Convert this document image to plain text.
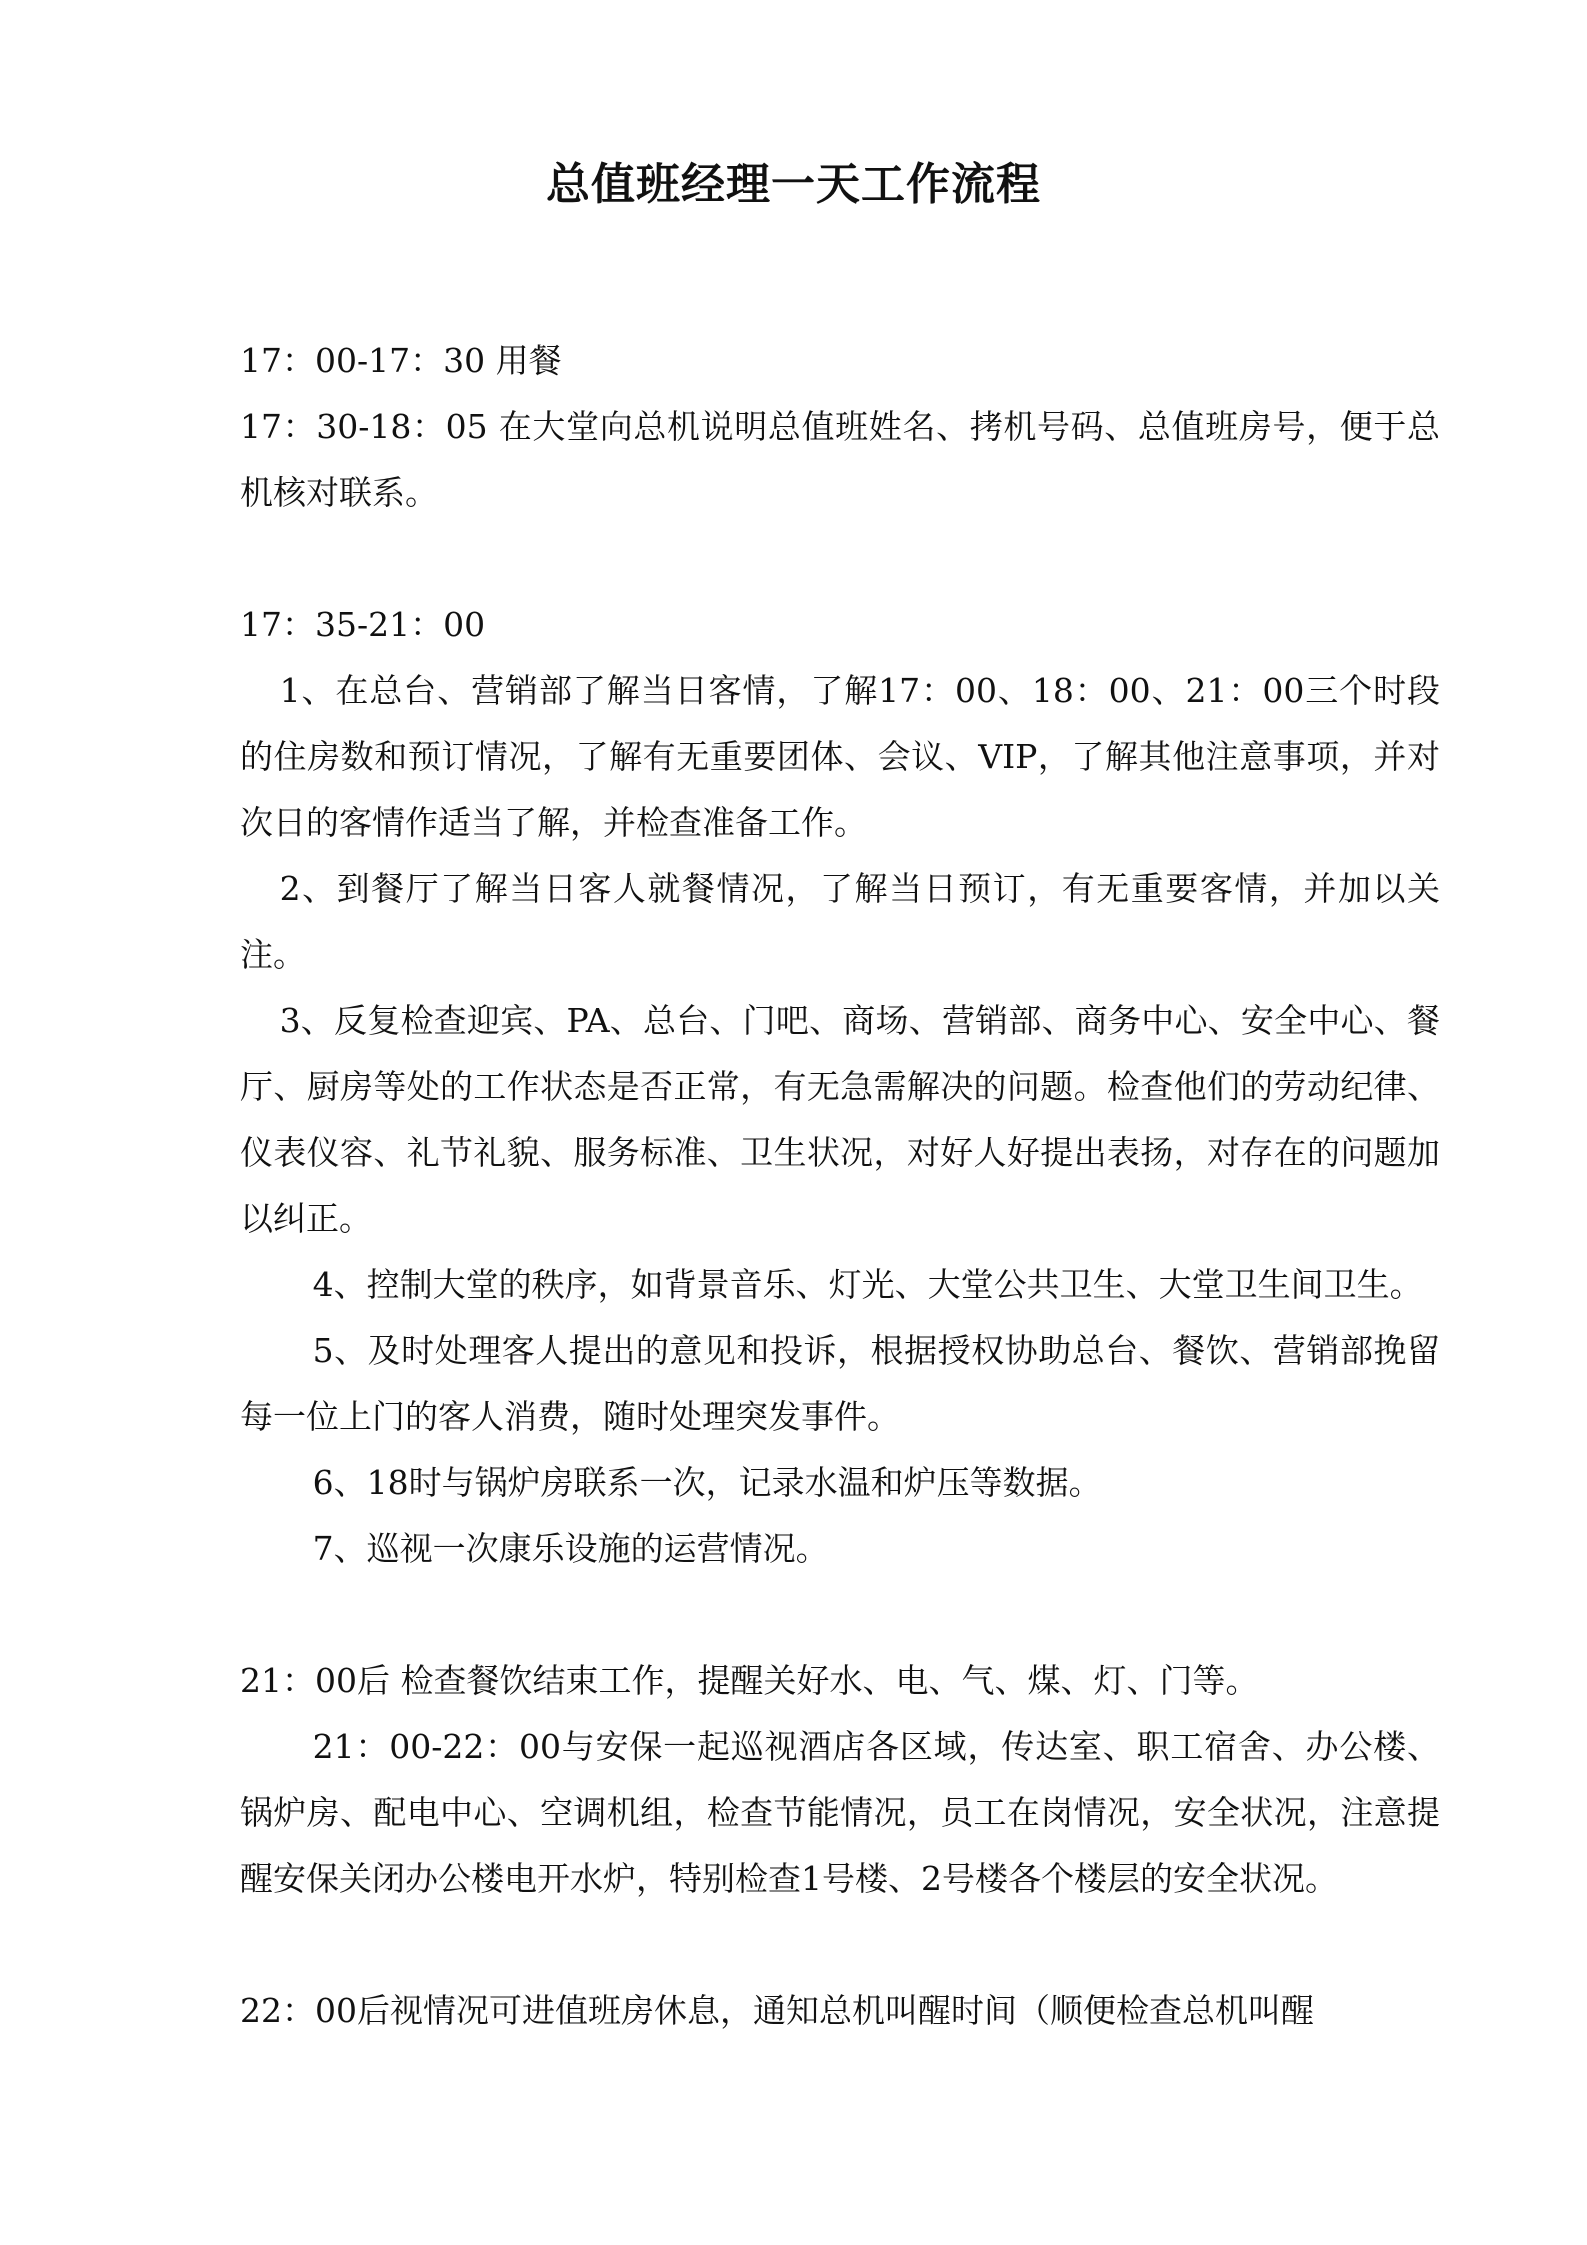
总值班经理一天工作流程

17：00-17：30 用餐

17：30-18：05 在大堂向总机说明总值班姓名、拷机号码、总值班房号，便于总机核对联系。

17：35-21：00

1、在总台、营销部了解当日客情，了解17：00、18：00、21：00三个时段的住房数和预订情况，了解有无重要团体、会议、VIP，了解其他注意事项，并对次日的客情作适当了解，并检查准备工作。

2、到餐厅了解当日客人就餐情况，了解当日预订，有无重要客情，并加以关注。

3、反复检查迎宾、PA、总台、门吧、商场、营销部、商务中心、安全中心、餐厅、厨房等处的工作状态是否正常，有无急需解决的问题。检查他们的劳动纪律、仪表仪容、礼节礼貌、服务标准、卫生状况，对好人好提出表扬，对存在的问题加以纠正。

4、控制大堂的秩序，如背景音乐、灯光、大堂公共卫生、大堂卫生间卫生。

5、及时处理客人提出的意见和投诉，根据授权协助总台、餐饮、营销部挽留每一位上门的客人消费，随时处理突发事件。

6、18时与锅炉房联系一次，记录水温和炉压等数据。

7、巡视一次康乐设施的运营情况。

21：00后 检查餐饮结束工作，提醒关好水、电、气、煤、灯、门等。

21：00-22：00与安保一起巡视酒店各区域，传达室、职工宿舍、办公楼、锅炉房、配电中心、空调机组，检查节能情况，员工在岗情况，安全状况，注意提醒安保关闭办公楼电开水炉，特别检查1号楼、2号楼各个楼层的安全状况。

22：00后视情况可进值班房休息，通知总机叫醒时间（顺便检查总机叫醒
